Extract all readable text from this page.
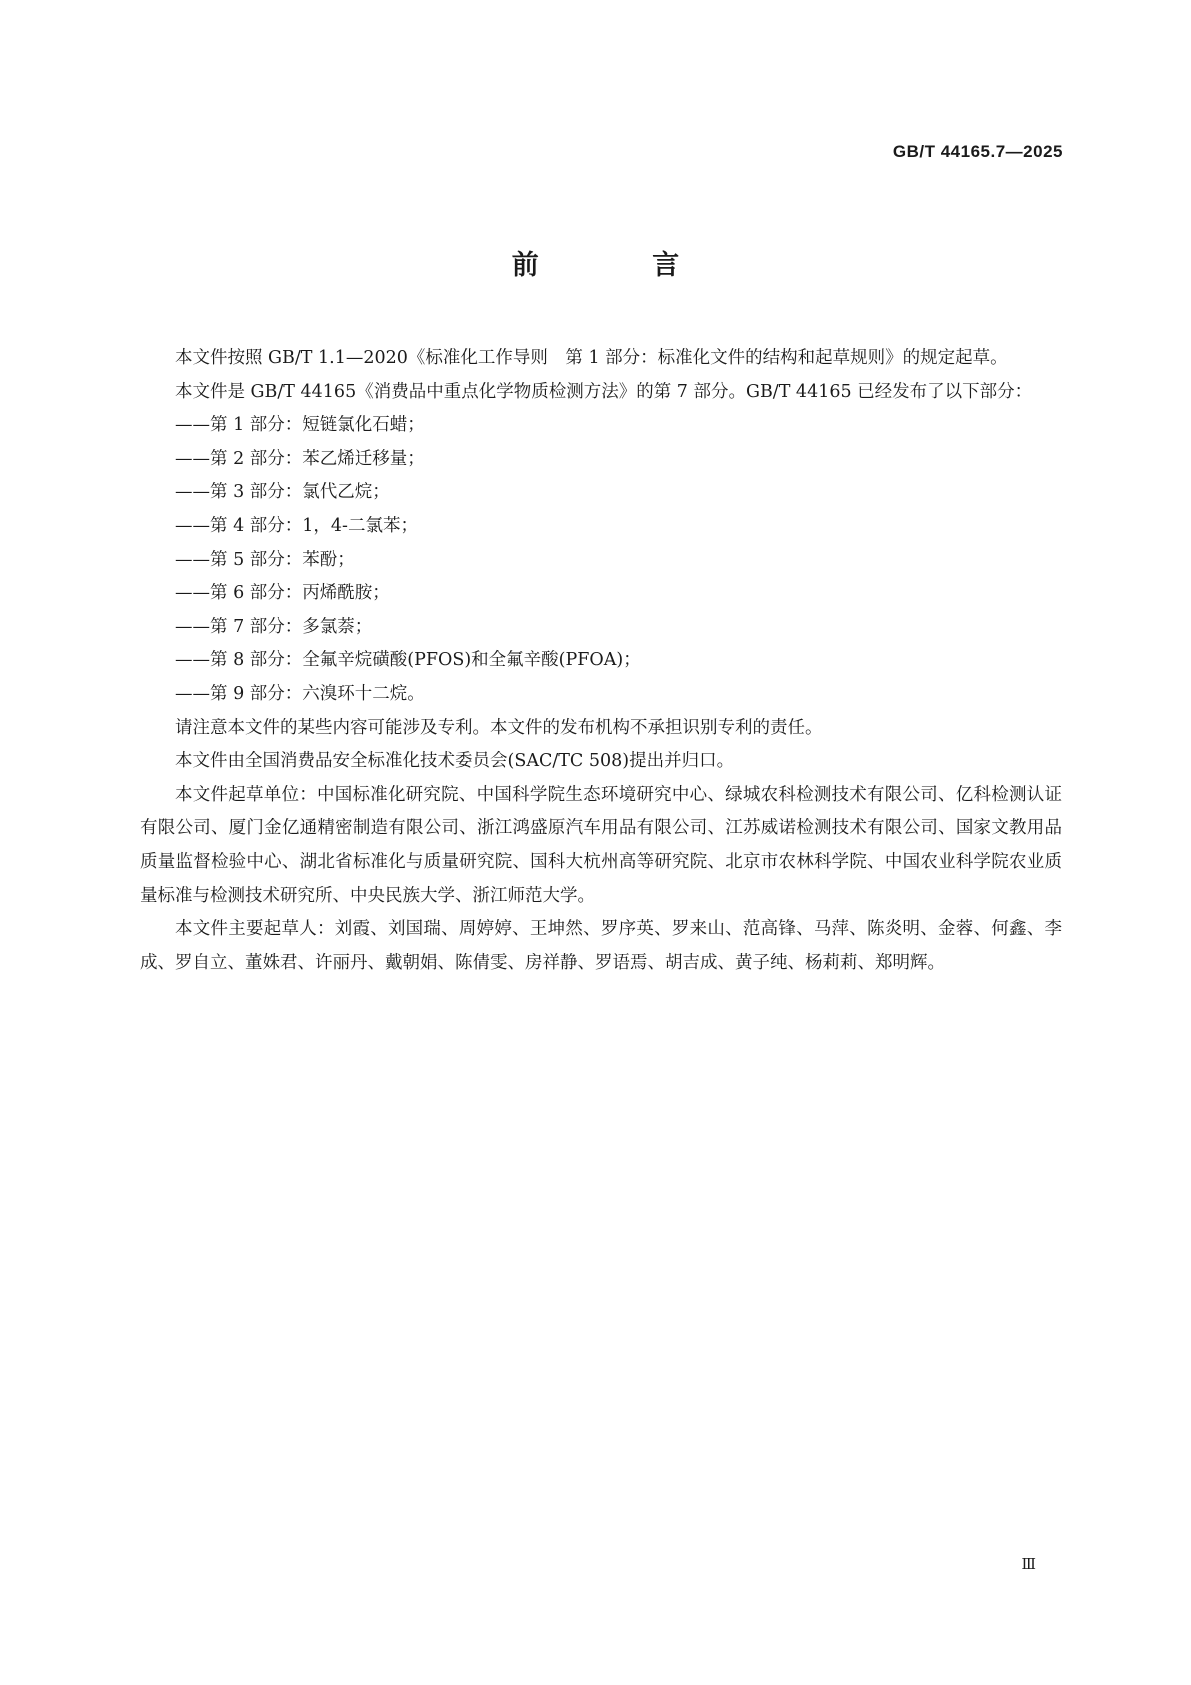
GB/T 44165.7—2025
前 言

本文件按照 GB/T 1.1—2020《标准化工作导则　第 1 部分：标准化文件的结构和起草规则》的规定起草。

本文件是 GB/T 44165《消费品中重点化学物质检测方法》的第 7 部分。GB/T 44165 已经发布了以下部分：

——第 1 部分：短链氯化石蜡；
——第 2 部分：苯乙烯迁移量；
——第 3 部分：氯代乙烷；
——第 4 部分：1，4-二氯苯；
——第 5 部分：苯酚；
——第 6 部分：丙烯酰胺；
——第 7 部分：多氯萘；
——第 8 部分：全氟辛烷磺酸(PFOS)和全氟辛酸(PFOA)；
——第 9 部分：六溴环十二烷。

请注意本文件的某些内容可能涉及专利。本文件的发布机构不承担识别专利的责任。

本文件由全国消费品安全标准化技术委员会(SAC/TC 508)提出并归口。

本文件起草单位：中国标准化研究院、中国科学院生态环境研究中心、绿城农科检测技术有限公司、亿科检测认证有限公司、厦门金亿通精密制造有限公司、浙江鸿盛原汽车用品有限公司、江苏威诺检测技术有限公司、国家文教用品质量监督检验中心、湖北省标准化与质量研究院、国科大杭州高等研究院、北京市农林科学院、中国农业科学院农业质量标准与检测技术研究所、中央民族大学、浙江师范大学。

本文件主要起草人：刘霞、刘国瑞、周婷婷、王坤然、罗序英、罗来山、范高锋、马萍、陈炎明、金蓉、何鑫、李成、罗自立、董姝君、许丽丹、戴朝娟、陈倩雯、房祥静、罗语焉、胡吉成、黄子纯、杨莉莉、郑明辉。

Ⅲ
